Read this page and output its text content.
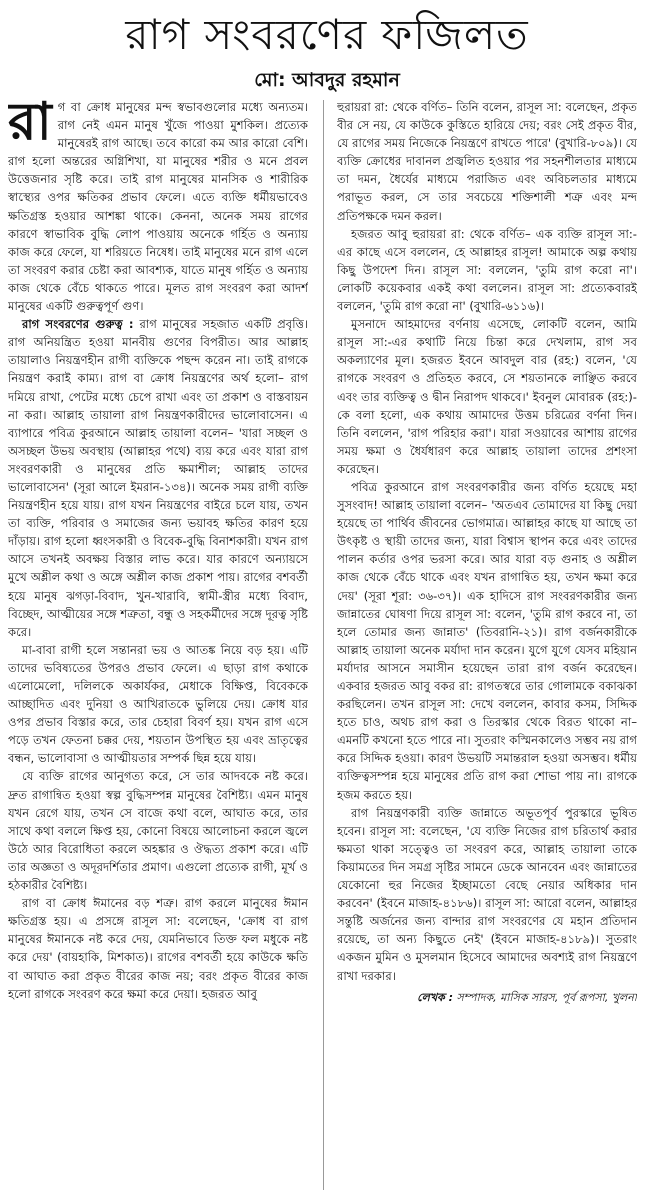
রাগ সংবরণের ফজিলত
মো: আবদুর রহমান

রাগ বা ক্রোধ মানুষের মন্দ স্বভাবগুলোর মধ্যে অন্যতম। রাগ নেই এমন মানুষ খুঁজে পাওয়া মুশকিল। প্রত্যেক মানুষেরই রাগ আছে। তবে কারো কম আর কারো বেশি। রাগ হলো অন্তরের অগ্নিশিখা, যা মানুষের শরীর ও মনে প্রবল উত্তেজনার সৃষ্টি করে। তাই রাগ মানুষের মানসিক ও শারীরিক স্বাস্থ্যের ওপর ক্ষতিকর প্রভাব ফেলে। এতে ব্যক্তি ধর্মীয়ভাবেও ক্ষতিগ্রস্ত হওয়ার আশঙ্কা থাকে। কেননা, অনেক সময় রাগের কারণে স্বাভাবিক বুদ্ধি লোপ পাওয়ায় অনেকে গর্হিত ও অন্যায় কাজ করে ফেলে, যা শরিয়তে নিষেধ। তাই মানুষের মনে রাগ এলে তা সংবরণ করার চেষ্টা করা আবশ্যক, যাতে মানুষ গর্হিত ও অন্যায় কাজ থেকে বেঁচে থাকতে পারে। মূলত রাগ সংবরণ করা আদর্শ মানুষের একটি গুরুত্বপূর্ণ গুণ।

রাগ সংবরণের গুরুত্ব : রাগ মানুষের সহজাত একটি প্রবৃত্তি। রাগ অনিয়ন্ত্রিত হওয়া মানবীয় গুণের বিপরীত। আর আল্লাহ তায়ালাও নিয়ন্ত্রণহীন রাগী ব্যক্তিকে পছন্দ করেন না। তাই রাগকে নিয়ন্ত্রণ করাই কাম্য। রাগ বা ক্রোধ নিয়ন্ত্রণের অর্থ হলো– রাগ দমিয়ে রাখা, পেটের মধ্যে চেপে রাখা এবং তা প্রকাশ ও বাস্তবায়ন না করা। আল্লাহ তায়ালা রাগ নিয়ন্ত্রণকারীদের ভালোবাসেন। এ ব্যাপারে পবিত্র কুরআনে আল্লাহ তায়ালা বলেন– 'যারা সচ্ছল ও অসচ্ছল উভয় অবস্থায় (আল্লাহর পথে) ব্যয় করে এবং যারা রাগ সংবরণকারী ও মানুষের প্রতি ক্ষমাশীল; আল্লাহ তাদের ভালোবাসেন' (সূরা আলে ইমরান-১৩৪)। অনেক সময় রাগী ব্যক্তি নিয়ন্ত্রণহীন হয়ে যায়। রাগ যখন নিয়ন্ত্রণের বাইরে চলে যায়, তখন তা ব্যক্তি, পরিবার ও সমাজের জন্য ভয়াবহ ক্ষতির কারণ হয়ে দাঁড়ায়। রাগ হলো ধ্বংসকারী ও বিবেক-বুদ্ধি বিনাশকারী। যখন রাগ আসে তখনই অবক্ষয় বিস্তার লাভ করে। যার কারণে অন্যায়সে মুখে অশ্লীল কথা ও অঙ্গে অশ্লীল কাজ প্রকাশ পায়। রাগের বশবর্তী হয়ে মানুষ ঝগড়া-বিবাদ, খুন-খারাবি, স্বামী-স্ত্রীর মধ্যে বিবাদ, বিচ্ছেদ, আত্মীয়ের সঙ্গে শত্রুতা, বন্ধু ও সহকর্মীদের সঙ্গে দূরত্ব সৃষ্টি করে।

মা-বাবা রাগী হলে সন্তানরা ভয় ও আতঙ্ক নিয়ে বড় হয়। এটি তাদের ভবিষ্যতের উপরও প্রভাব ফেলে। এ ছাড়া রাগ কথাকে এলোমেলো, দলিলকে অকার্যকর, মেধাকে বিক্ষিপ্ত, বিবেককে আচ্ছাদিত এবং দুনিয়া ও আখিরাতকে ভুলিয়ে দেয়। ক্রোধ যার ওপর প্রভাব বিস্তার করে, তার চেহারা বিবর্ণ হয়। যখন রাগ এসে পড়ে তখন ফেতনা চক্কর দেয়, শয়তান উপস্থিত হয় এবং ভ্রাতৃত্বের বন্ধন, ভালোবাসা ও আত্মীয়তার সম্পর্ক ছিন্ন হয়ে যায়।

যে ব্যক্তি রাগের আনুগত্য করে, সে তার আদবকে নষ্ট করে। দ্রুত রাগান্বিত হওয়া স্বল্প বুদ্ধিসম্পন্ন মানুষের বৈশিষ্ট্য। এমন মানুষ যখন রেগে যায়, তখন সে বাজে কথা বলে, আঘাত করে, তার সাথে কথা বললে ক্ষিপ্ত হয়, কোনো বিষয়ে আলোচনা করলে জ্বলে উঠে আর বিরোধিতা করলে অহঙ্কার ও ঔদ্ধত্য প্রকাশ করে। এটি তার অজ্ঞতা ও অদূরদর্শিতার প্রমাণ। এগুলো প্রত্যেক রাগী, মূর্খ ও হঠকারীর বৈশিষ্ট্য।

রাগ বা ক্রোধ ঈমানের বড় শত্রু। রাগ করলে মানুষের ঈমান ক্ষতিগ্রস্ত হয়। এ প্রসঙ্গে রাসূল সা: বলেছেন, 'ক্রোধ বা রাগ মানুষের ঈমানকে নষ্ট করে দেয়, যেমনিভাবে তিক্ত ফল মধুকে নষ্ট করে দেয়' (বায়হাকি, মিশকাত)। রাগের বশবর্তী হয়ে কাউকে ক্ষতি বা আঘাত করা প্রকৃত বীরের কাজ নয়; বরং প্রকৃত বীরের কাজ হলো রাগকে সংবরণ করে ক্ষমা করে দেয়া। হজরত আবু

হুরায়রা রা: থেকে বর্ণিত– তিনি বলেন, রাসূল সা: বলেছেন, প্রকৃত বীর সে নয়, যে কাউকে কুস্তিতে হারিয়ে দেয়; বরং সেই প্রকৃত বীর, যে রাগের সময় নিজেকে নিয়ন্ত্রণে রাখতে পারে' (বুখারি-৮০৯)। যে ব্যক্তি ক্রোধের দাবানল প্রজ্বলিত হওয়ার পর সহনশীলতার মাধ্যমে তা দমন, ধৈর্যের মাধ্যমে পরাজিত এবং অবিচলতার মাধ্যমে পরাভূত করল, সে তার সবচেয়ে শক্তিশালী শত্রু এবং মন্দ প্রতিপক্ষকে দমন করল।

হজরত আবু হুরায়রা রা: থেকে বর্ণিত– এক ব্যক্তি রাসূল সা:-এর কাছে এসে বললেন, হে আল্লাহর রাসূল! আমাকে অল্প কথায় কিছু উপদেশ দিন। রাসূল সা: বললেন, 'তুমি রাগ করো না'। লোকটি কয়েকবার একই কথা বললেন। রাসূল সা: প্রত্যেকবারই বললেন, 'তুমি রাগ করো না' (বুখারি-৬১১৬)।

মুসনাদে আহমাদের বর্ণনায় এসেছে, লোকটি বলেন, আমি রাসূল সা:-এর কথাটি নিয়ে চিন্তা করে দেখলাম, রাগ সব অকল্যাণের মূল। হজরত ইবনে আবদুল বার (রহ:) বলেন, 'যে রাগকে সংবরণ ও প্রতিহত করবে, সে শয়তানকে লাঞ্ছিত করবে এবং তার ব্যক্তিত্ব ও দ্বীন নিরাপদ থাকবে।' ইবনুল মোবারক (রহ:)-কে বলা হলো, এক কথায় আমাদের উত্তম চরিত্রের বর্ণনা দিন। তিনি বললেন, 'রাগ পরিহার করা'। যারা সওয়াবের আশায় রাগের সময় ক্ষমা ও ধৈর্যধারণ করে আল্লাহ তায়ালা তাদের প্রশংসা করেছেন।

পবিত্র কুরআনে রাগ সংবরণকারীর জন্য বর্ণিত হয়েছে মহা সুসংবাদ! আল্লাহ তায়ালা বলেন– 'অতএব তোমাদের যা কিছু দেয়া হয়েছে তা পার্থিব জীবনের ভোগমাত্র। আল্লাহর কাছে যা আছে তা উৎকৃষ্ট ও স্থায়ী তাদের জন্য, যারা বিশ্বাস স্থাপন করে এবং তাদের পালন কর্তার ওপর ভরসা করে। আর যারা বড় গুনাহ ও অশ্লীল কাজ থেকে বেঁচে থাকে এবং যখন রাগান্বিত হয়, তখন ক্ষমা করে দেয়' (সূরা শূরা: ৩৬-৩৭)। এক হাদিসে রাগ সংবরণকারীর জন্য জান্নাতের ঘোষণা দিয়ে রাসূল সা: বলেন, 'তুমি রাগ করবে না, তা হলে তোমার জন্য জান্নাত' (তিবরানি-২১)। রাগ বর্জনকারীকে আল্লাহ তায়ালা অনেক মর্যাদা দান করেন। যুগে যুগে যেসব মহিয়ান মর্যাদার আসনে সমাসীন হয়েছেন তারা রাগ বর্জন করেছেন। একবার হজরত আবু বকর রা: রাগতস্বরে তার গোলামকে বকাঝকা করছিলেন। তখন রাসূল সা: দেখে বললেন, কাবার কসম, সিদ্দিক হতে চাও, অথচ রাগ করা ও তিরস্কার থেকে বিরত থাকো না– এমনটি কখনো হতে পারে না। সুতরাং কস্মিনকালেও সম্ভব নয় রাগ করে সিদ্দিক হওয়া। কারণ উভয়টি সমান্তরাল হওয়া অসম্ভব। ধর্মীয় ব্যক্তিত্বসম্পন্ন হয়ে মানুষের প্রতি রাগ করা শোভা পায় না। রাগকে হজম করতে হয়।

রাগ নিয়ন্ত্রণকারী ব্যক্তি জান্নাতে অভূতপূর্ব পুরস্কারে ভূষিত হবেন। রাসূল সা: বলেছেন, 'যে ব্যক্তি নিজের রাগ চরিতার্থ করার ক্ষমতা থাকা সত্ত্বেও তা সংবরণ করে, আল্লাহ তায়ালা তাকে কিয়ামতের দিন সমগ্র সৃষ্টির সামনে ডেকে আনবেন এবং জান্নাতের যেকোনো হুর নিজের ইচ্ছামতো বেছে নেয়ার অধিকার দান করবেন' (ইবনে মাজাহ-৪১৮৬)। রাসূল সা: আরো বলেন, আল্লাহর সন্তুষ্টি অর্জনের জন্য বান্দার রাগ সংবরণের যে মহান প্রতিদান রয়েছে, তা অন্য কিছুতে নেই' (ইবনে মাজাহ-৪১৮৯)। সুতরাং একজন মুমিন ও মুসলমান হিসেবে আমাদের অবশ্যই রাগ নিয়ন্ত্রণে রাখা দরকার।

লেখক : সম্পাদক, মাসিক সারস, পূর্ব রূপসা, খুলনা
